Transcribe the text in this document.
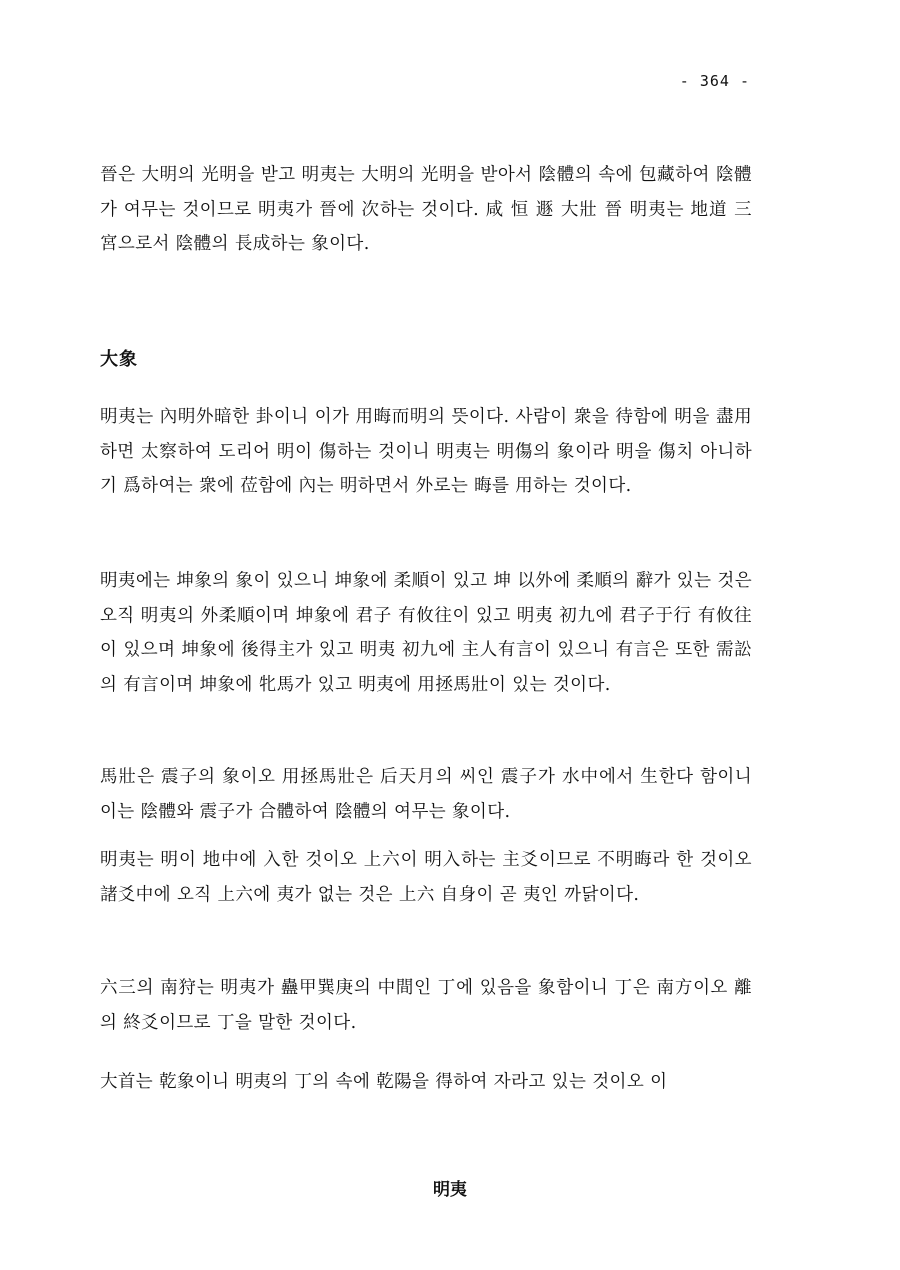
- 364 -

晉은 大明의 光明을 받고 明夷는 大明의 光明을 받아서 陰體의 속에 包藏하여 陰體가 여무는 것이므로 明夷가 晉에 次하는 것이다. 咸 恒 遯 大壯 晉 明夷는 地道 三宮으로서 陰體의 長成하는 象이다.

大象

明夷는 內明外暗한 卦이니 이가 用晦而明의 뜻이다. 사람이 衆을 待함에 明을 盡用하면 太察하여 도리어 明이 傷하는 것이니 明夷는 明傷의 象이라 明을 傷치 아니하기 爲하여는 衆에 莅함에 內는 明하면서 外로는 晦를 用하는 것이다.

明夷에는 坤象의 象이 있으니 坤象에 柔順이 있고 坤 以外에 柔順의 辭가 있는 것은 오직 明夷의 外柔順이며 坤象에 君子 有攸往이 있고 明夷 初九에 君子于行 有攸往이 있으며 坤象에 後得主가 있고 明夷 初九에 主人有言이 있으니 有言은 또한 需訟의 有言이며 坤象에 牝馬가 있고 明夷에 用拯馬壯이 있는 것이다.

馬壯은 震子의 象이오 用拯馬壯은 后天月의 씨인 震子가 水中에서 生한다 함이니 이는 陰體와 震子가 合體하여 陰體의 여무는 象이다.

明夷는 明이 地中에 入한 것이오 上六이 明入하는 主爻이므로 不明晦라 한 것이오 諸爻中에 오직 上六에 夷가 없는 것은 上六 自身이 곧 夷인 까닭이다.

六三의 南狩는 明夷가 蠱甲巽庚의 中間인 丁에 있음을 象함이니 丁은 南方이오 離의 終爻이므로 丁을 말한 것이다.

大首는 乾象이니 明夷의 丁의 속에 乾陽을 得하여 자라고 있는 것이오 이

明夷
